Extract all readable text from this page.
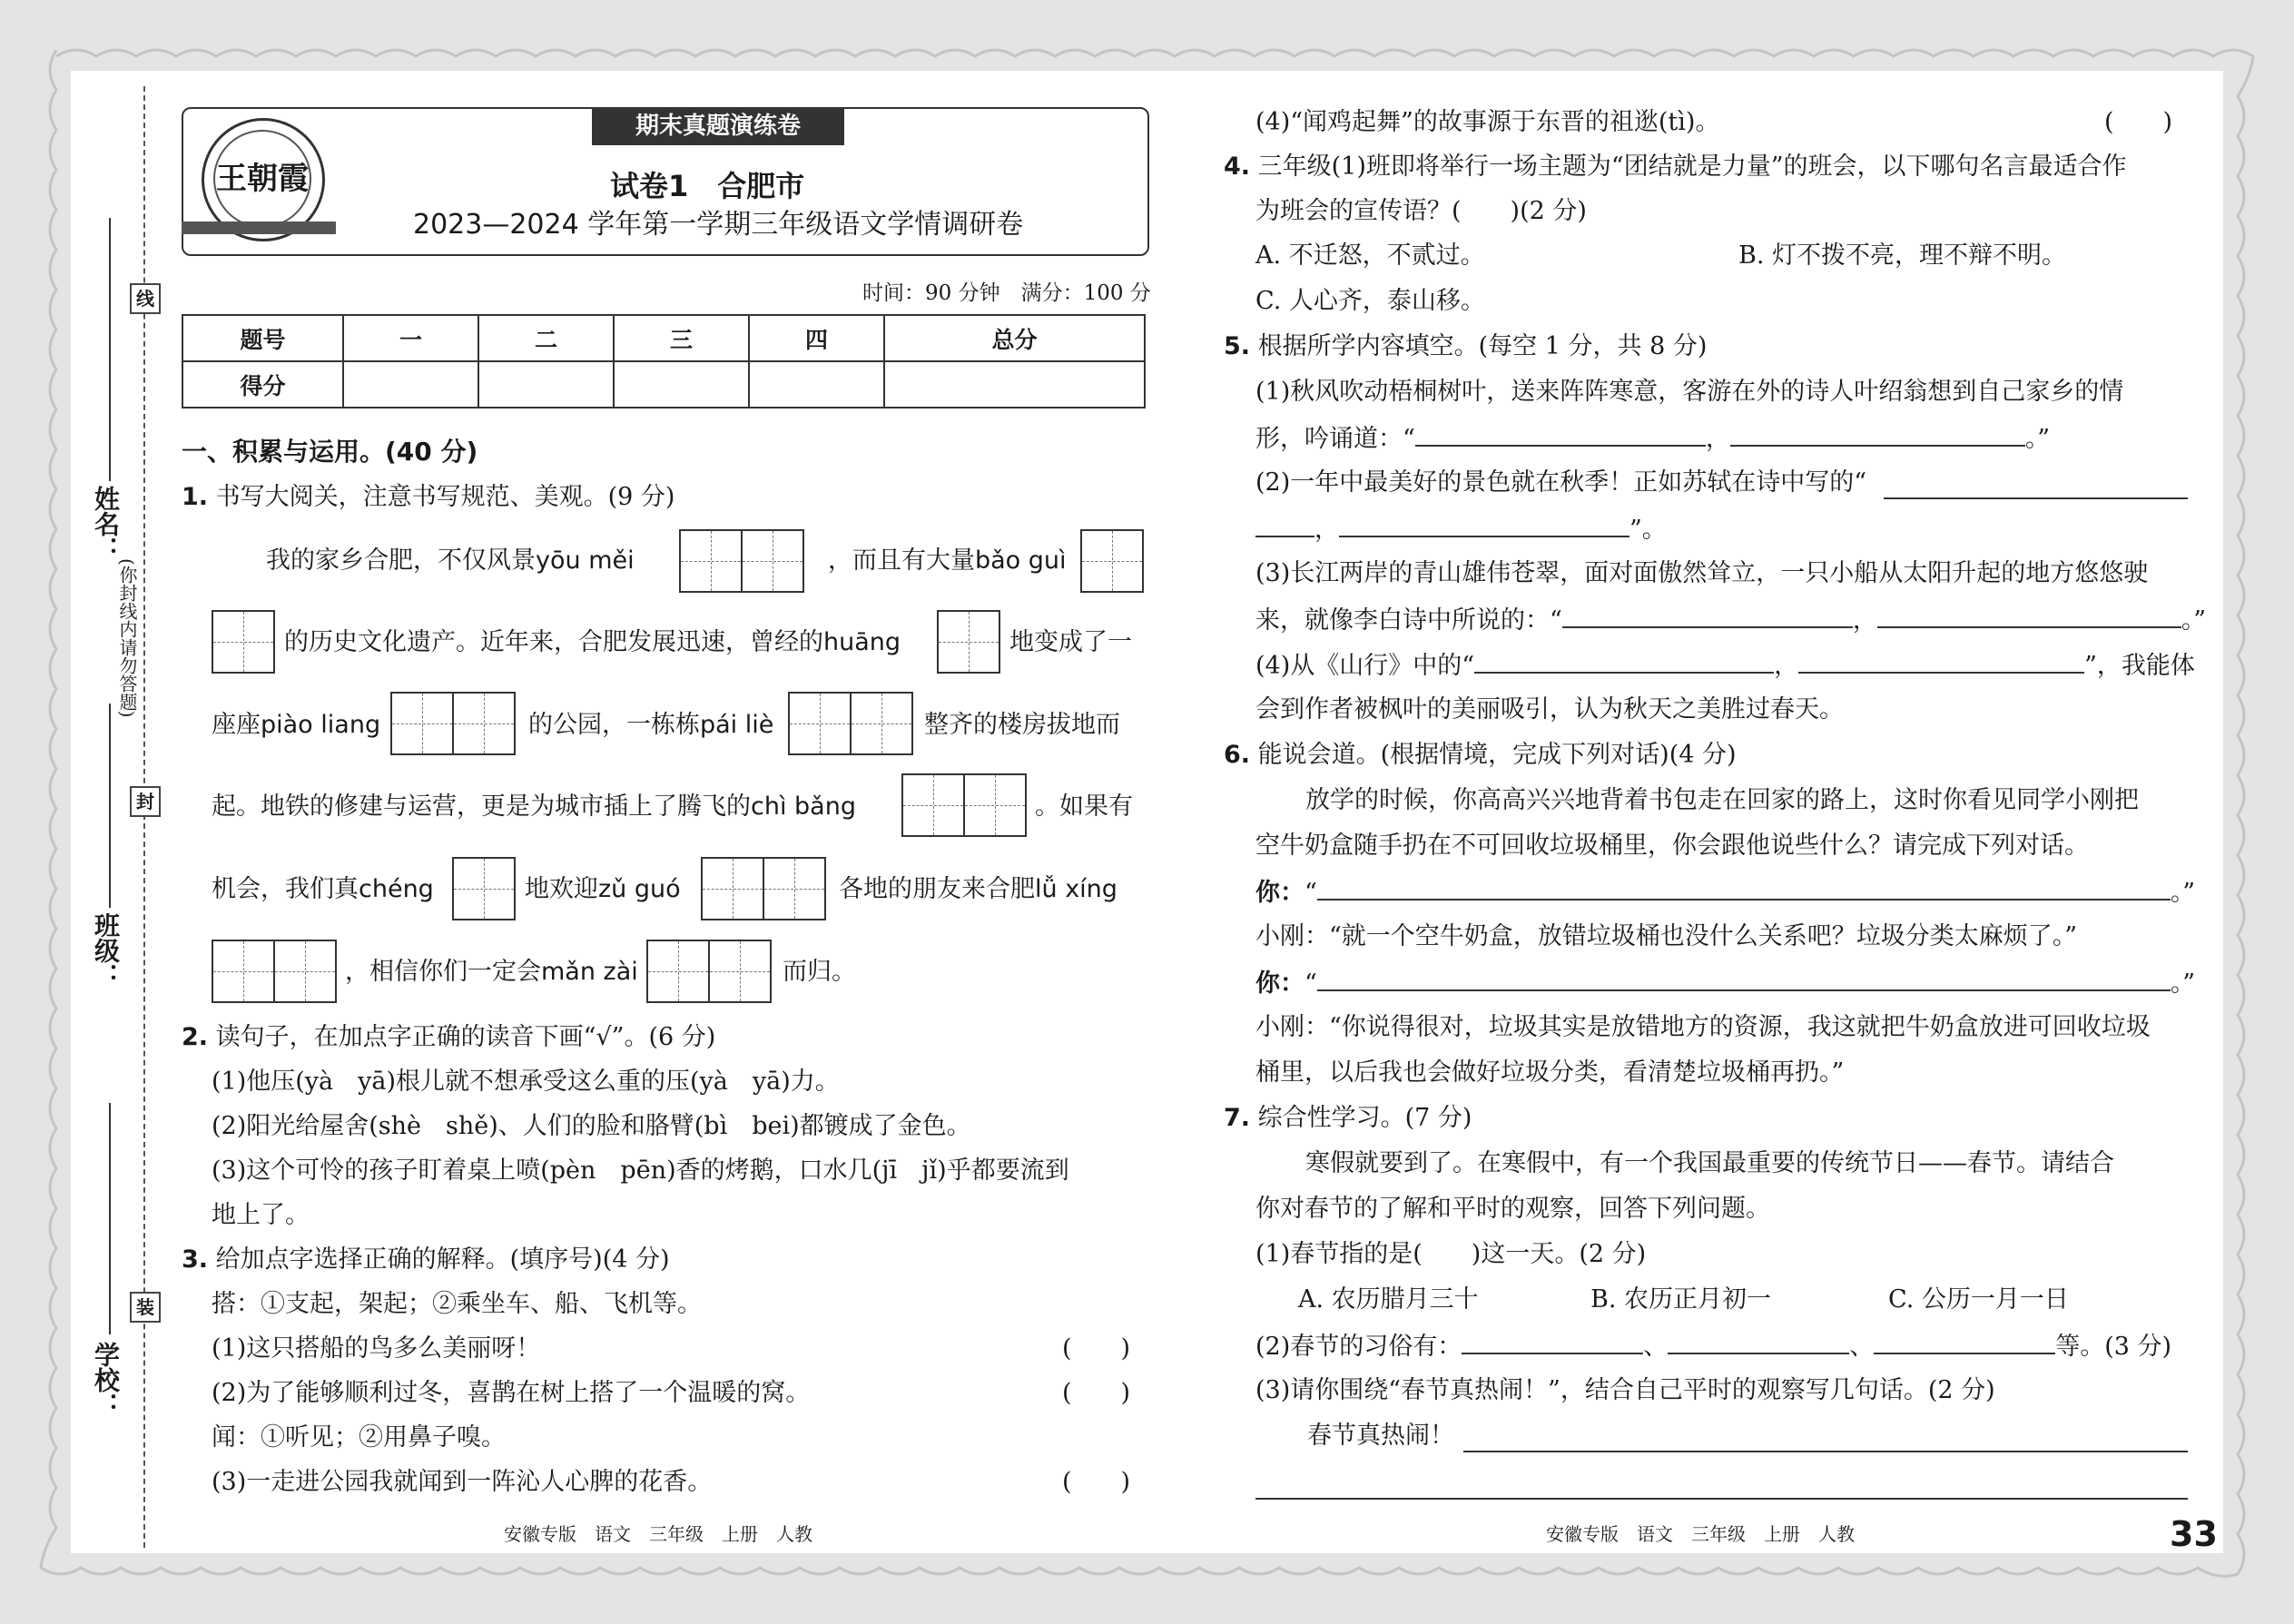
线
封
装
姓名：
班级：
学校：
(你封线内请勿答题)
期末真题演练卷
王朝霞	试卷1　合肥市
2023—2024 学年第一学期三年级语文学情调研卷
时间：90 分钟　满分：100 分
题号	一	二	三	四	总分
得分					
一、积累与运用。(40 分)
1. 书写大阅关，注意书写规范、美观。(9 分)
我的家乡合肥，不仅风景yōu měi	，而且有大量bǎo guì
的历史文化遗产。近年来，合肥发展迅速，曾经的huāng	地变成了一
座座piào liang	的公园，一栋栋pái liè	整齐的楼房拔地而
起。地铁的修建与运营，更是为城市插上了腾飞的chì bǎng	。如果有
机会，我们真chéng	地欢迎zǔ guó	各地的朋友来合肥lǚ xíng
，相信你们一定会mǎn zài	而归。
2. 读句子，在加点字正确的读音下画“√”。(6 分)
(1)他压(yà　yā)根儿就不想承受这么重的压(yà　yā)力。
(2)阳光给屋舍(shè　shě)、人们的脸和胳臂(bì　bei)都镀成了金色。
(3)这个可怜的孩子盯着桌上喷(pèn　pēn)香的烤鹅，口水几(jī　jǐ)乎都要流到
地上了。
3. 给加点字选择正确的解释。(填序号)(4 分)
搭：①支起，架起；②乘坐车、船、飞机等。
(1)这只搭船的鸟多么美丽呀！	(　　)
(2)为了能够顺利过冬，喜鹊在树上搭了一个温暖的窝。	(　　)
闻：①听见；②用鼻子嗅。
(3)一走进公园我就闻到一阵沁人心脾的花香。	(　　)
安徽专版　语文　三年级　上册　人教
(4)“闻鸡起舞”的故事源于东晋的祖逖(tì)。	(　　)
4. 三年级(1)班即将举行一场主题为“团结就是力量”的班会，以下哪句名言最适合作
为班会的宣传语？(　　)(2 分)
A. 不迁怒，不贰过。	B. 灯不拨不亮，理不辩不明。
C. 人心齐，泰山移。
5. 根据所学内容填空。(每空 1 分，共 8 分)
(1)秋风吹动梧桐树叶，送来阵阵寒意，客游在外的诗人叶绍翁想到自己家乡的情
形，吟诵道：“	，	。”
(2)一年中最美好的景色就在秋季！正如苏轼在诗中写的“
，	”。
(3)长江两岸的青山雄伟苍翠，面对面傲然耸立，一只小船从太阳升起的地方悠悠驶
来，就像李白诗中所说的：“	，	。”
(4)从《山行》中的“	，	”，我能体
会到作者被枫叶的美丽吸引，认为秋天之美胜过春天。
6. 能说会道。(根据情境，完成下列对话)(4 分)
放学的时候，你高高兴兴地背着书包走在回家的路上，这时你看见同学小刚把
空牛奶盒随手扔在不可回收垃圾桶里，你会跟他说些什么？请完成下列对话。
你：“	。”
小刚：“就一个空牛奶盒，放错垃圾桶也没什么关系吧？垃圾分类太麻烦了。”
你：“	。”
小刚：“你说得很对，垃圾其实是放错地方的资源，我这就把牛奶盒放进可回收垃圾
桶里，以后我也会做好垃圾分类，看清楚垃圾桶再扔。”
7. 综合性学习。(7 分)
寒假就要到了。在寒假中，有一个我国最重要的传统节日——春节。请结合
你对春节的了解和平时的观察，回答下列问题。
(1)春节指的是(　　)这一天。(2 分)
A. 农历腊月三十	B. 农历正月初一	C. 公历一月一日
(2)春节的习俗有：	、	、	等。(3 分)
(3)请你围绕“春节真热闹！”，结合自己平时的观察写几句话。(2 分)
春节真热闹！
安徽专版　语文　三年级　上册　人教	33
